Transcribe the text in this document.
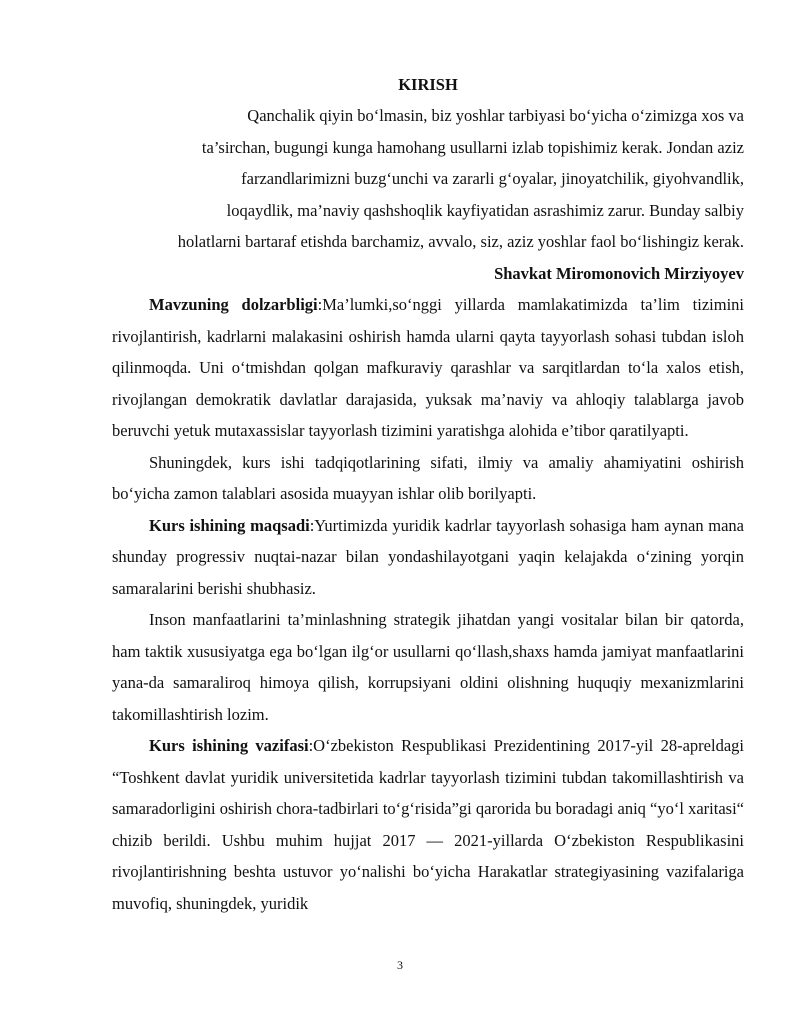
KIRISH
Qanchalik qiyin bo‘lmasin, biz yoshlar tarbiyasi bo‘yicha o‘zimizga xos va
ta’sirchan, bugungi kunga hamohang usullarni izlab topishimiz kerak. Jondan aziz
farzandlarimizni buzg‘unchi va zararli g‘oyalar, jinoyatchilik, giyohvandlik,
loqaydlik, ma’naviy qashshoqlik kayfiyatidan asrashimiz zarur. Bunday salbiy
holatlarni bartaraf etishda barchamiz, avvalo, siz, aziz yoshlar faol bo‘lishingiz kerak.
Shavkat Miromonovich Mirziyoyev

Mavzuning dolzarbligi:Ma’lumki,so‘nggi yillarda mamlakatimizda ta’lim tizimini rivojlantirish, kadrlarni malakasini oshirish hamda ularni qayta tayyorlash sohasi tubdan isloh qilinmoqda. Uni o‘tmishdan qolgan mafkuraviy qarashlar va sarqitlardan to‘la xalos etish, rivojlangan demokratik davlatlar darajasida, yuksak ma’naviy va ahloqiy talablarga javob beruvchi yetuk mutaxassislar tayyorlash tizimini yaratishga alohida e’tibor qaratilyapti.

Shuningdek, kurs ishi tadqiqotlarining sifati, ilmiy va amaliy ahamiyatini oshirish bo‘yicha zamon talablari asosida muayyan ishlar olib borilyapti.

Kurs ishining maqsadi:Yurtimizda yuridik kadrlar tayyorlash sohasiga ham aynan mana shunday progressiv nuqtai-nazar bilan yondashilayotgani yaqin kelajakda o‘zining yorqin samaralarini berishi shubhasiz.

Inson manfaatlarini ta’minlashning strategik jihatdan yangi vositalar bilan bir qatorda, ham taktik xususiyatga ega bo‘lgan ilg‘or usullarni qo‘llash,shaxs hamda jamiyat manfaatlarini yana-da samaraliroq himoya qilish, korrupsiyani oldini olishning huquqiy mexanizmlarini takomillashtirish lozim.

Kurs ishining vazifasi:O‘zbekiston Respublikasi Prezidentining 2017-yil 28-apreldagi “Toshkent davlat yuridik universitetida kadrlar tayyorlash tizimini tubdan takomillashtirish va samaradorligini oshirish chora-tadbirlari to‘g‘risida”gi qarorida bu boradagi aniq “yo‘l xaritasi“ chizib berildi. Ushbu muhim hujjat 2017 — 2021-yillarda O‘zbekiston Respublikasini rivojlantirishning beshta ustuvor yo‘nalishi bo‘yicha Harakatlar strategiyasining vazifalariga muvofiq, shuningdek, yuridik

3
